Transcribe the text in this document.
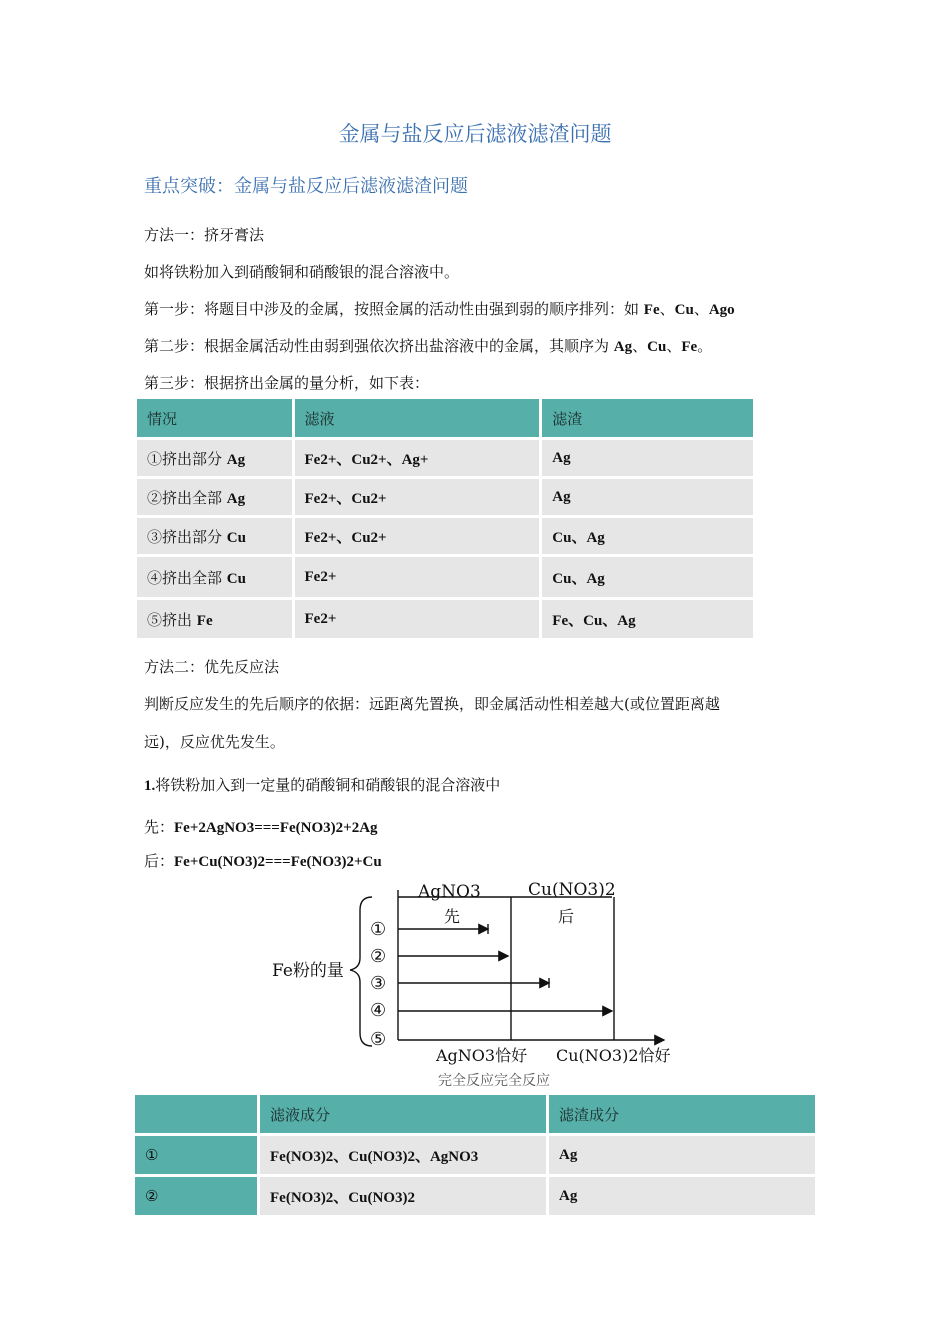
金属与盐反应后滤液滤渣问题
重点突破：金属与盐反应后滤液滤渣问题
方法一：挤牙膏法
如将铁粉加入到硝酸铜和硝酸银的混合溶液中。
第一步：将题目中涉及的金属，按照金属的活动性由强到弱的顺序排列：如 Fe、Cu、Ago
第二步：根据金属活动性由弱到强依次挤出盐溶液中的金属，其顺序为 Ag、Cu、Fe。
第三步：根据挤出金属的量分析，如下表：
情况	滤液	滤渣
①挤出部分 Ag	Fe2+、Cu2+、Ag+	Ag
②挤出全部 Ag	Fe2+、Cu2+	Ag
③挤出部分 Cu	Fe2+、Cu2+	Cu、Ag
④挤出全部 Cu	Fe2+	Cu、Ag
⑤挤出 Fe	Fe2+	Fe、Cu、Ag
方法二：优先反应法
判断反应发生的先后顺序的依据：远距离先置换，即金属活动性相差越大(或位置距离越
远)，反应优先发生。
1.将铁粉加入到一定量的硝酸铜和硝酸银的混合溶液中
先：Fe+2AgNO3===Fe(NO3)2+2Ag
后：Fe+Cu(NO3)2===Fe(NO3)2+Cu
Fe粉的量
AgNO3
先
Cu(NO3)2
后
①
②
③
④
⑤
AgNO3恰好 Cu(NO3)2恰好
完全反应完全反应
	滤液成分	滤渣成分
①	Fe(NO3)2、Cu(NO3)2、AgNO3	Ag
②	Fe(NO3)2、Cu(NO3)2	Ag
